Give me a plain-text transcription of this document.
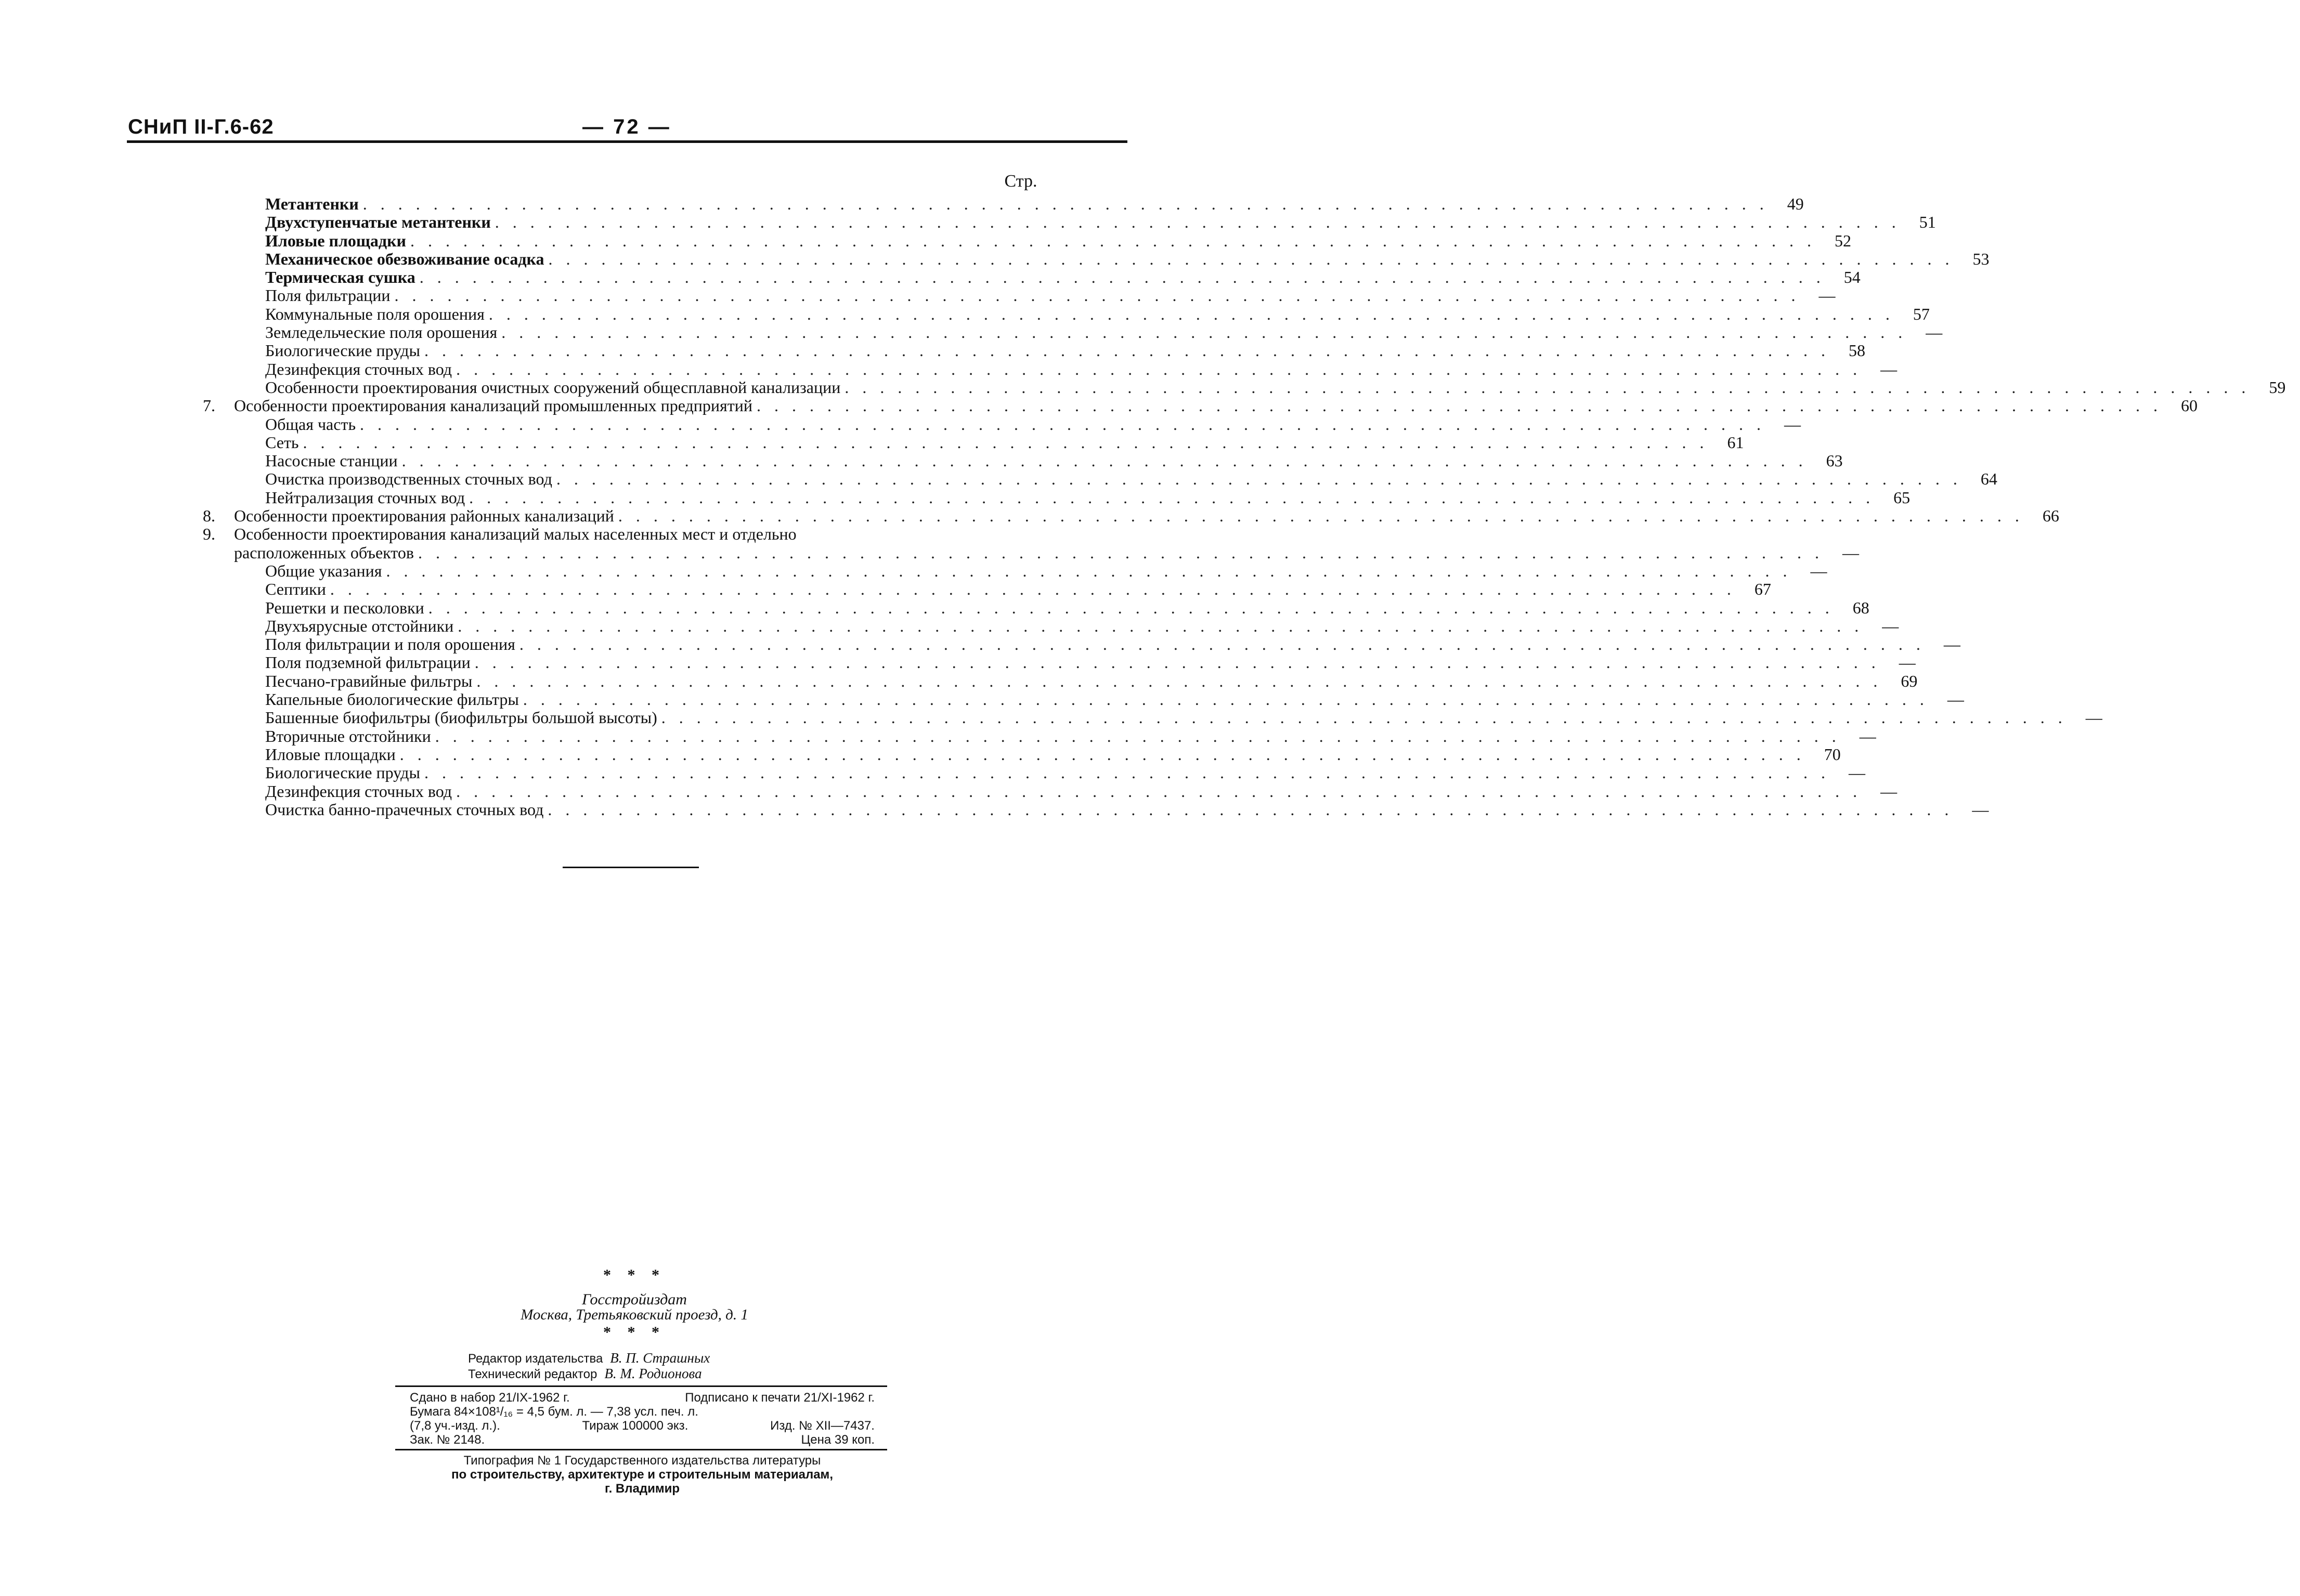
СНиП II-Г.6-62	— 72 —
Стр.
Метантенки . . . . . . . . . . . . . . . . . . . . . . . . . . . . . . . . . . . . . . . . . . . . . . . . . . . . . . . . . . . . . . . . . . . . . . . . . . . . . . . .	49
Двухступенчатые метантенки . . . . . . . . . . . . . . . . . . . . . . . . . . . . . . . . . . . . . . . . . . . . . . . . . . . . . . . . . . . . . . . . . . . . . . . . . . . . . . . .	51
Иловые площадки . . . . . . . . . . . . . . . . . . . . . . . . . . . . . . . . . . . . . . . . . . . . . . . . . . . . . . . . . . . . . . . . . . . . . . . . . . . . . . . .	52
Механическое обезвоживание осадка . . . . . . . . . . . . . . . . . . . . . . . . . . . . . . . . . . . . . . . . . . . . . . . . . . . . . . . . . . . . . . . . . . . . . . . . . . . . . . . .	53
Термическая сушка . . . . . . . . . . . . . . . . . . . . . . . . . . . . . . . . . . . . . . . . . . . . . . . . . . . . . . . . . . . . . . . . . . . . . . . . . . . . . . . .	54
Поля фильтрации . . . . . . . . . . . . . . . . . . . . . . . . . . . . . . . . . . . . . . . . . . . . . . . . . . . . . . . . . . . . . . . . . . . . . . . . . . . . . . . .	—
Коммунальные поля орошения . . . . . . . . . . . . . . . . . . . . . . . . . . . . . . . . . . . . . . . . . . . . . . . . . . . . . . . . . . . . . . . . . . . . . . . . . . . . . . . .	57
Земледельческие поля орошения . . . . . . . . . . . . . . . . . . . . . . . . . . . . . . . . . . . . . . . . . . . . . . . . . . . . . . . . . . . . . . . . . . . . . . . . . . . . . . . .	—
Биологические пруды . . . . . . . . . . . . . . . . . . . . . . . . . . . . . . . . . . . . . . . . . . . . . . . . . . . . . . . . . . . . . . . . . . . . . . . . . . . . . . . .	58
Дезинфекция сточных вод . . . . . . . . . . . . . . . . . . . . . . . . . . . . . . . . . . . . . . . . . . . . . . . . . . . . . . . . . . . . . . . . . . . . . . . . . . . . . . . .	—
Особенности проектирования очистных сооружений общесплавной канализации . . . . . . . . . . . . . . . . . . . . . . . . . . . . . . . . . . . . . . . . . . . . . . . . . . . . . . . . . . . . . . . . . . . . . . . . . . . . . . . .	59
7.	Особенности проектирования канализаций промышленных предприятий . . . . . . . . . . . . . . . . . . . . . . . . . . . . . . . . . . . . . . . . . . . . . . . . . . . . . . . . . . . . . . . . . . . . . . . . . . . . . . . .	60
Общая часть . . . . . . . . . . . . . . . . . . . . . . . . . . . . . . . . . . . . . . . . . . . . . . . . . . . . . . . . . . . . . . . . . . . . . . . . . . . . . . . .	—
Сеть . . . . . . . . . . . . . . . . . . . . . . . . . . . . . . . . . . . . . . . . . . . . . . . . . . . . . . . . . . . . . . . . . . . . . . . . . . . . . . . .	61
Насосные станции . . . . . . . . . . . . . . . . . . . . . . . . . . . . . . . . . . . . . . . . . . . . . . . . . . . . . . . . . . . . . . . . . . . . . . . . . . . . . . . .	63
Очистка производственных сточных вод . . . . . . . . . . . . . . . . . . . . . . . . . . . . . . . . . . . . . . . . . . . . . . . . . . . . . . . . . . . . . . . . . . . . . . . . . . . . . . . .	64
Нейтрализация сточных вод . . . . . . . . . . . . . . . . . . . . . . . . . . . . . . . . . . . . . . . . . . . . . . . . . . . . . . . . . . . . . . . . . . . . . . . . . . . . . . . .	65
8.	Особенности проектирования районных канализаций . . . . . . . . . . . . . . . . . . . . . . . . . . . . . . . . . . . . . . . . . . . . . . . . . . . . . . . . . . . . . . . . . . . . . . . . . . . . . . . .	66
9.	Особенности проектирования канализаций малых населенных мест и отдельно
расположенных объектов . . . . . . . . . . . . . . . . . . . . . . . . . . . . . . . . . . . . . . . . . . . . . . . . . . . . . . . . . . . . . . . . . . . . . . . . . . . . . . . .	—
Общие указания . . . . . . . . . . . . . . . . . . . . . . . . . . . . . . . . . . . . . . . . . . . . . . . . . . . . . . . . . . . . . . . . . . . . . . . . . . . . . . . .	—
Септики . . . . . . . . . . . . . . . . . . . . . . . . . . . . . . . . . . . . . . . . . . . . . . . . . . . . . . . . . . . . . . . . . . . . . . . . . . . . . . . .	67
Решетки и песколовки . . . . . . . . . . . . . . . . . . . . . . . . . . . . . . . . . . . . . . . . . . . . . . . . . . . . . . . . . . . . . . . . . . . . . . . . . . . . . . . .	68
Двухъярусные отстойники . . . . . . . . . . . . . . . . . . . . . . . . . . . . . . . . . . . . . . . . . . . . . . . . . . . . . . . . . . . . . . . . . . . . . . . . . . . . . . . .	—
Поля фильтрации и поля орошения . . . . . . . . . . . . . . . . . . . . . . . . . . . . . . . . . . . . . . . . . . . . . . . . . . . . . . . . . . . . . . . . . . . . . . . . . . . . . . . .	—
Поля подземной фильтрации . . . . . . . . . . . . . . . . . . . . . . . . . . . . . . . . . . . . . . . . . . . . . . . . . . . . . . . . . . . . . . . . . . . . . . . . . . . . . . . .	—
Песчано-гравийные фильтры . . . . . . . . . . . . . . . . . . . . . . . . . . . . . . . . . . . . . . . . . . . . . . . . . . . . . . . . . . . . . . . . . . . . . . . . . . . . . . . .	69
Капельные биологические фильтры . . . . . . . . . . . . . . . . . . . . . . . . . . . . . . . . . . . . . . . . . . . . . . . . . . . . . . . . . . . . . . . . . . . . . . . . . . . . . . . .	—
Башенные биофильтры (биофильтры большой высоты) . . . . . . . . . . . . . . . . . . . . . . . . . . . . . . . . . . . . . . . . . . . . . . . . . . . . . . . . . . . . . . . . . . . . . . . . . . . . . . . .	—
Вторичные отстойники . . . . . . . . . . . . . . . . . . . . . . . . . . . . . . . . . . . . . . . . . . . . . . . . . . . . . . . . . . . . . . . . . . . . . . . . . . . . . . . .	—
Иловые площадки . . . . . . . . . . . . . . . . . . . . . . . . . . . . . . . . . . . . . . . . . . . . . . . . . . . . . . . . . . . . . . . . . . . . . . . . . . . . . . . .	70
Биологические пруды . . . . . . . . . . . . . . . . . . . . . . . . . . . . . . . . . . . . . . . . . . . . . . . . . . . . . . . . . . . . . . . . . . . . . . . . . . . . . . . .	—
Дезинфекция сточных вод . . . . . . . . . . . . . . . . . . . . . . . . . . . . . . . . . . . . . . . . . . . . . . . . . . . . . . . . . . . . . . . . . . . . . . . . . . . . . . . .	—
Очистка банно-прачечных сточных вод . . . . . . . . . . . . . . . . . . . . . . . . . . . . . . . . . . . . . . . . . . . . . . . . . . . . . . . . . . . . . . . . . . . . . . . . . . . . . . . .	—
* * *
Госстройиздат
Москва, Третьяковский проезд, д. 1
* * *
Редактор издательства В. П. Страшных
Технический редактор В. М. Родионова
Сдано в набор 21/IX-1962 г.	Подписано к печати 21/XI-1962 г.
Бумага 84×108¹/₁₆ = 4,5 бум. л. — 7,38 усл. печ. л.
(7,8 уч.-изд. л.).	Тираж 100000 экз.	Изд. № XII—7437.
Зак. № 2148.	Цена 39 коп.
Типография № 1 Государственного издательства литературы
по строительству, архитектуре и строительным материалам,
г. Владимир
